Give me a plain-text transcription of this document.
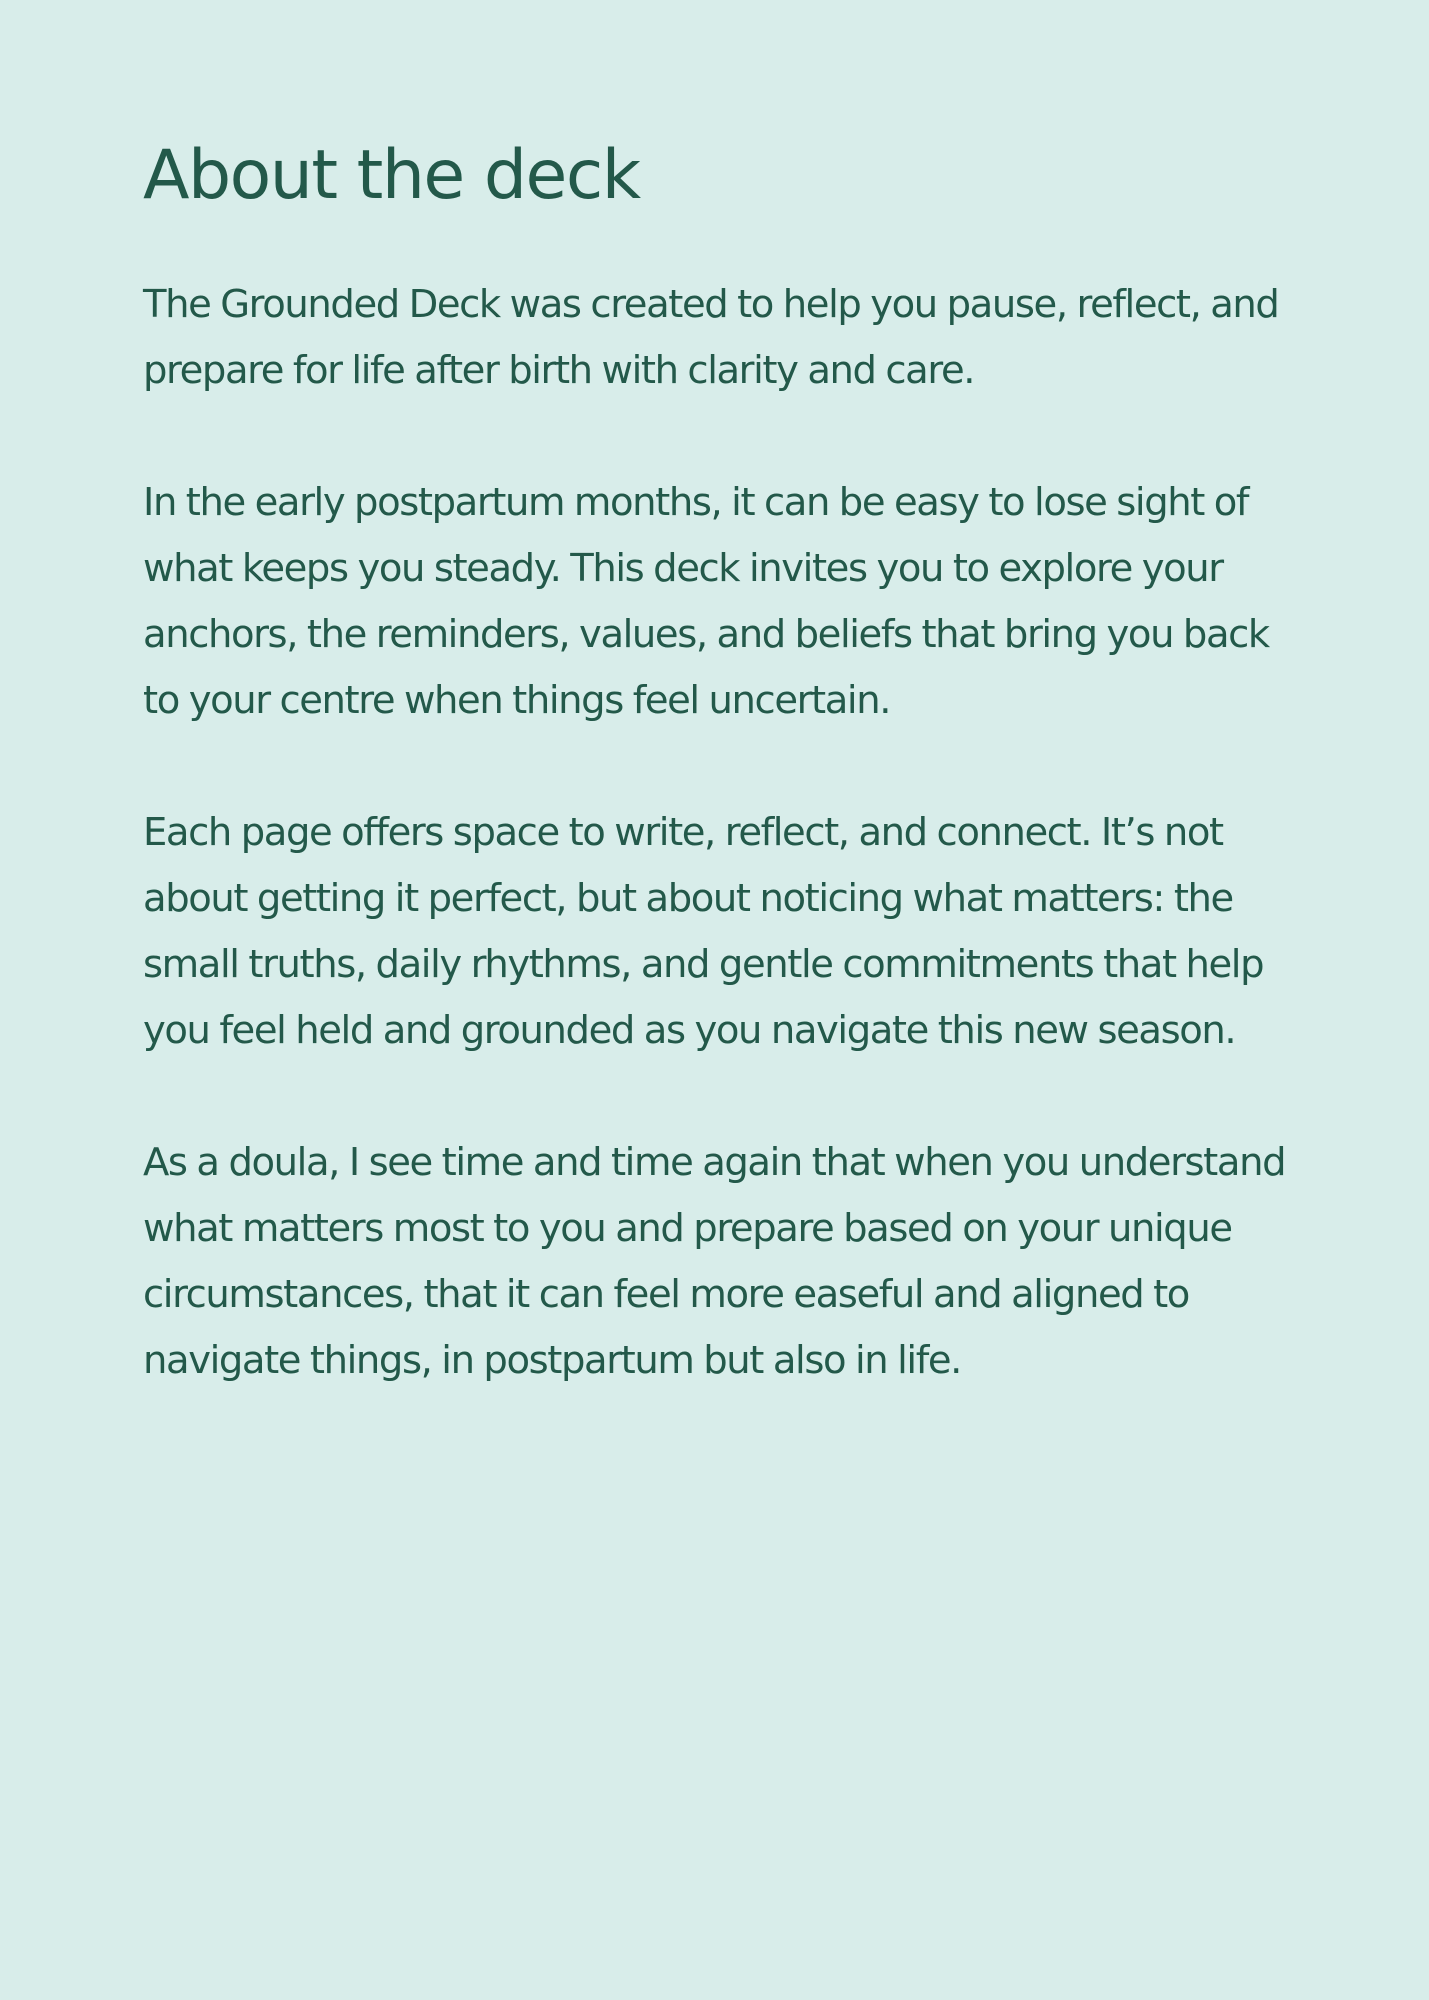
About the deck

The Grounded Deck was created to help you pause, reflect, and prepare for life after birth with clarity and care.

In the early postpartum months, it can be easy to lose sight of what keeps you steady. This deck invites you to explore your anchors, the reminders, values, and beliefs that bring you back to your centre when things feel uncertain.

Each page offers space to write, reflect, and connect. It’s not about getting it perfect, but about noticing what matters: the small truths, daily rhythms, and gentle commitments that help you feel held and grounded as you navigate this new season.

As a doula, I see time and time again that when you understand what matters most to you and prepare based on your unique circumstances, that it can feel more easeful and aligned to navigate things, in postpartum but also in life.
